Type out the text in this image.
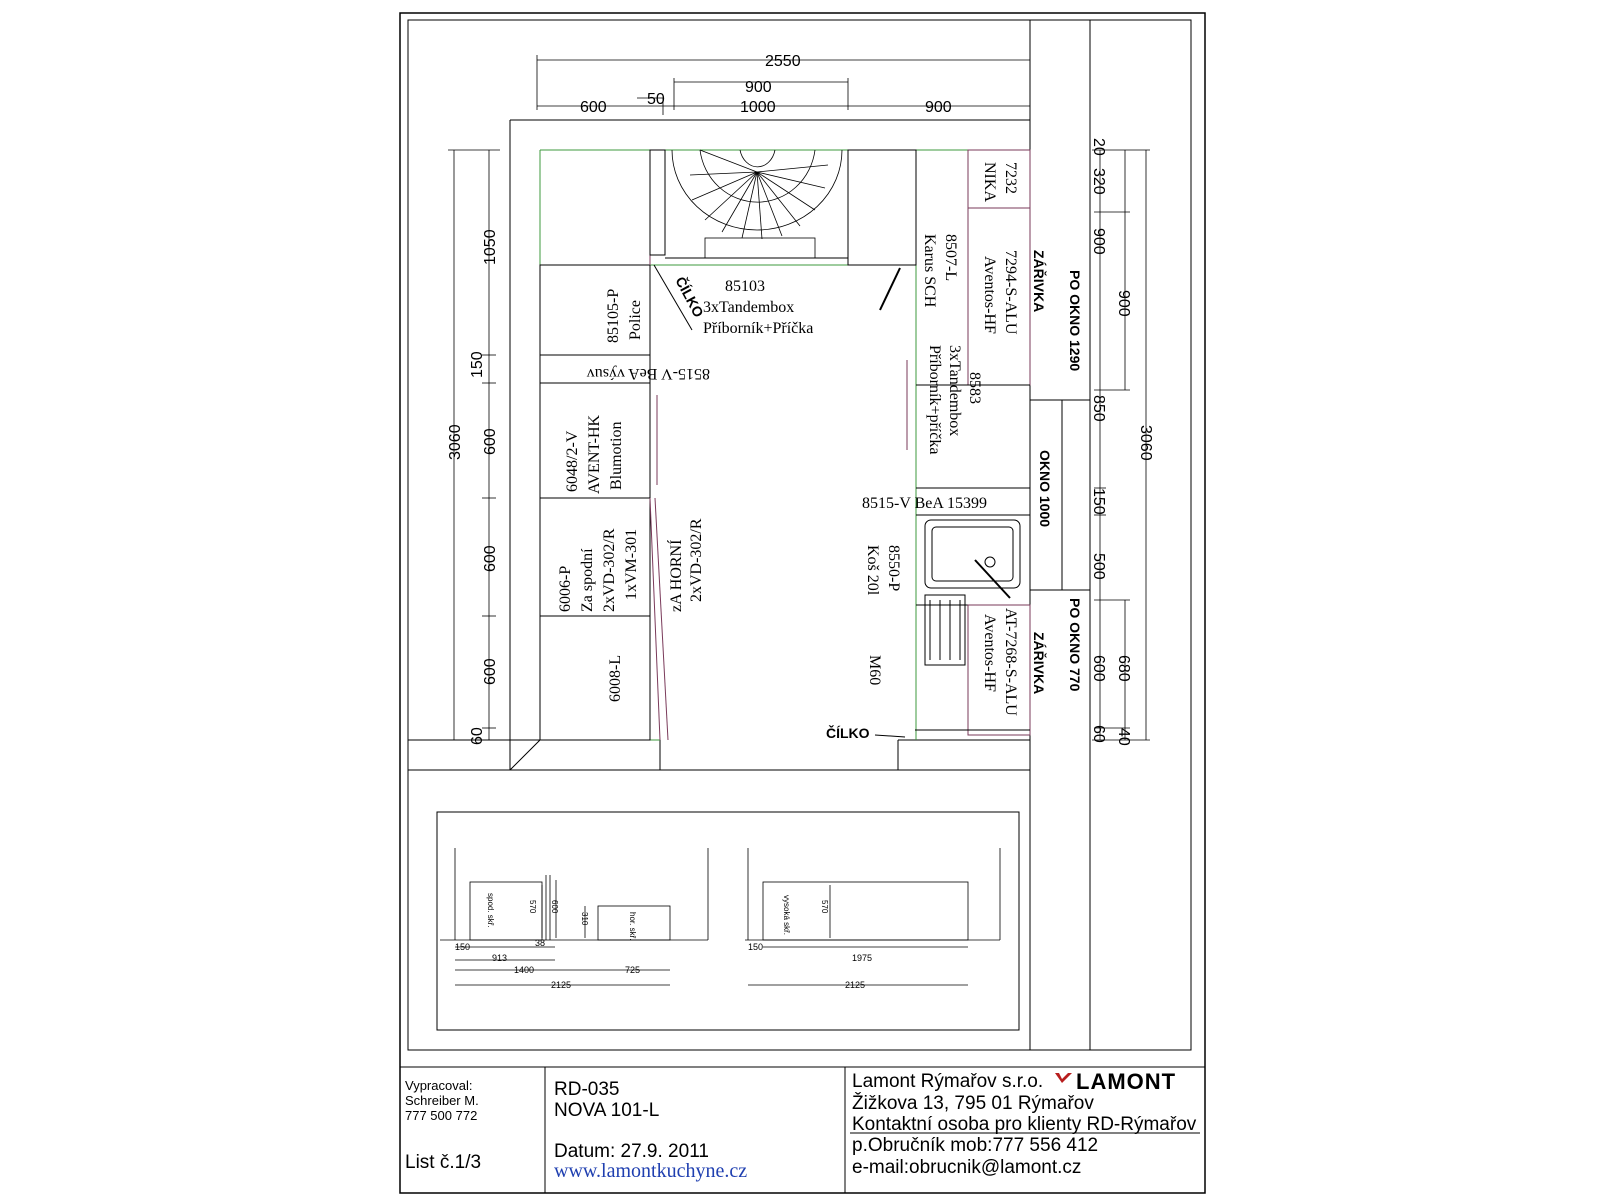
2550
900
600	50	1000	900
3060
1050
150
600
600
600
60
20
320
900
900
850
150
500
680
600
60 40
3060
85105-P Police
8515-V BeA výsuv
6048/2-V AVENT-HK Blumotion
6006-P Za spodní 2xVD-302/R 1xVM-301 zA HORNÍ 2xVD-302/R
6008-L
85103
3xTandembox
Příborník+Příčka
ČÍLKO
7232
NIKA
7294-S-ALU
Aventos-HF
8507-L
Karus SCH
8583
3xTandembox
Příborník+příčka
8515-V BeA 15399
8550-P
Koš 20l
M60	AT-7268-S-ALU
Aventos-HF
ČÍLKO
ZÁŘIVKA
ZÁŘIVKA
PO OKNO 1290
OKNO 1000
PO OKNO 770
spod. skř.	hor. skř.
570 600
310
150	38
913
1400	725
2125
vysoká skř.	570
150
1975
2125
Vypracoval:
Schreiber M.
777 500 772
List č.1/3
RD-035
NOVA 101-L
Datum: 27.9. 2011
www.lamontkuchyne.cz
Lamont Rýmařov s.r.o. LAMONT
Žižkova 13, 795 01 Rýmařov
Kontaktní osoba pro klienty RD-Rýmařov
p.Obručník mob:777 556 412
e-mail:obrucnik@lamont.cz
